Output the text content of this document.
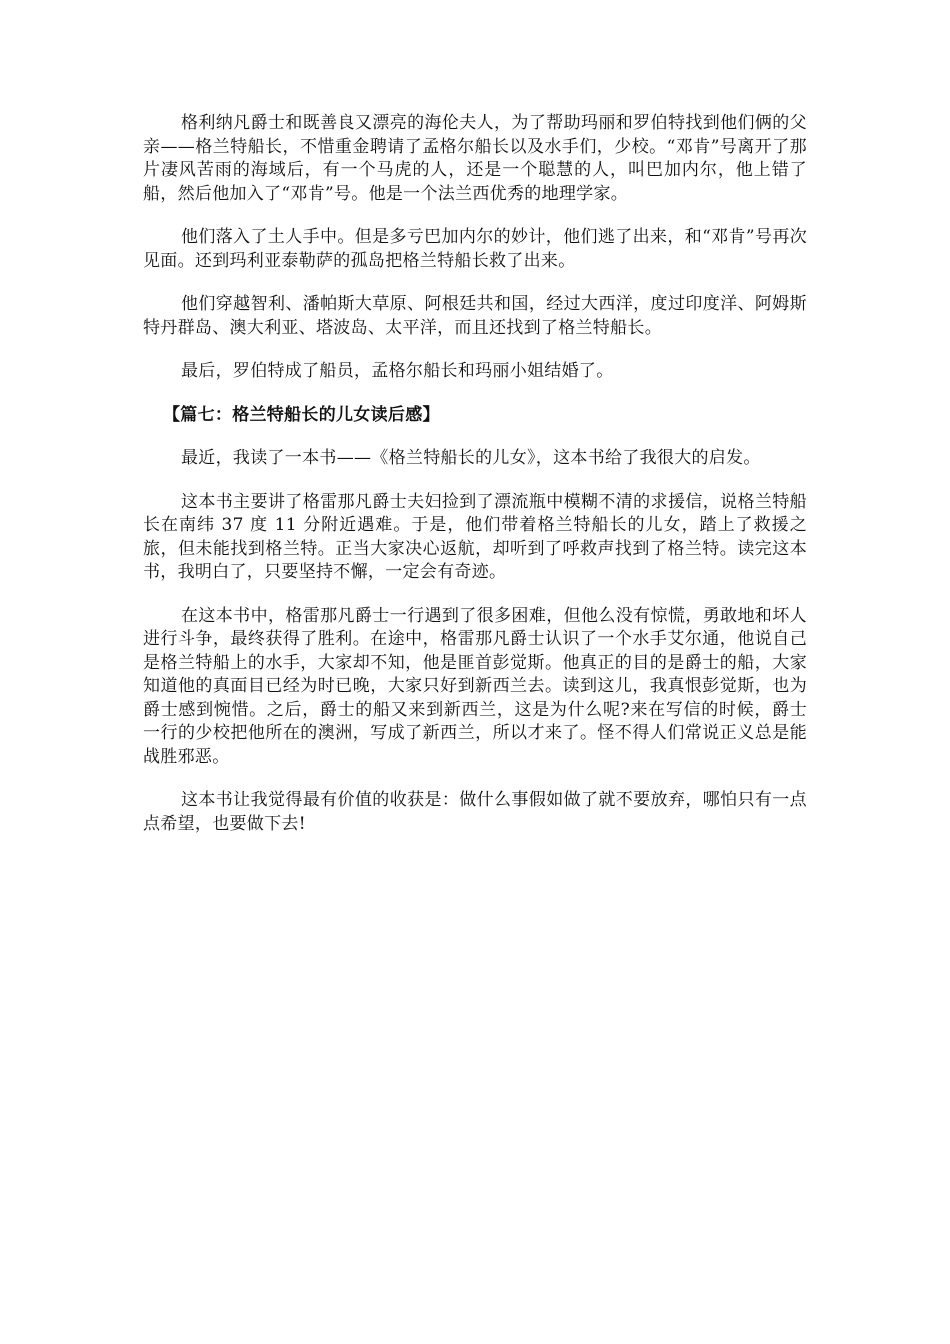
格利纳凡爵士和既善良又漂亮的海伦夫人，为了帮助玛丽和罗伯特找到他们俩的父亲——格兰特船长，不惜重金聘请了孟格尔船长以及水手们，少校。“邓肯”号离开了那片凄风苦雨的海域后，有一个马虎的人，还是一个聪慧的人，叫巴加内尔，他上错了船，然后他加入了“邓肯”号。他是一个法兰西优秀的地理学家。

他们落入了土人手中。但是多亏巴加内尔的妙计，他们逃了出来，和“邓肯”号再次见面。还到玛利亚泰勒萨的孤岛把格兰特船长救了出来。

他们穿越智利、潘帕斯大草原、阿根廷共和国，经过大西洋，度过印度洋、阿姆斯特丹群岛、澳大利亚、塔波岛、太平洋，而且还找到了格兰特船长。

最后，罗伯特成了船员，孟格尔船长和玛丽小姐结婚了。

【篇七：格兰特船长的儿女读后感】

最近，我读了一本书——《格兰特船长的儿女》，这本书给了我很大的启发。

这本书主要讲了格雷那凡爵士夫妇捡到了漂流瓶中模糊不清的求援信，说格兰特船长在南纬 37 度 11 分附近遇难。于是，他们带着格兰特船长的儿女，踏上了救援之旅，但未能找到格兰特。正当大家决心返航，却听到了呼救声找到了格兰特。读完这本书，我明白了，只要坚持不懈，一定会有奇迹。

在这本书中，格雷那凡爵士一行遇到了很多困难，但他么没有惊慌，勇敢地和坏人进行斗争，最终获得了胜利。在途中，格雷那凡爵士认识了一个水手艾尔通，他说自己是格兰特船上的水手，大家却不知，他是匪首彭觉斯。他真正的目的是爵士的船，大家知道他的真面目已经为时已晚，大家只好到新西兰去。读到这儿，我真恨彭觉斯，也为爵士感到惋惜。之后，爵士的船又来到新西兰，这是为什么呢?来在写信的时候，爵士一行的少校把他所在的澳洲，写成了新西兰，所以才来了。怪不得人们常说正义总是能战胜邪恶。

这本书让我觉得最有价值的收获是：做什么事假如做了就不要放弃，哪怕只有一点点希望，也要做下去!
